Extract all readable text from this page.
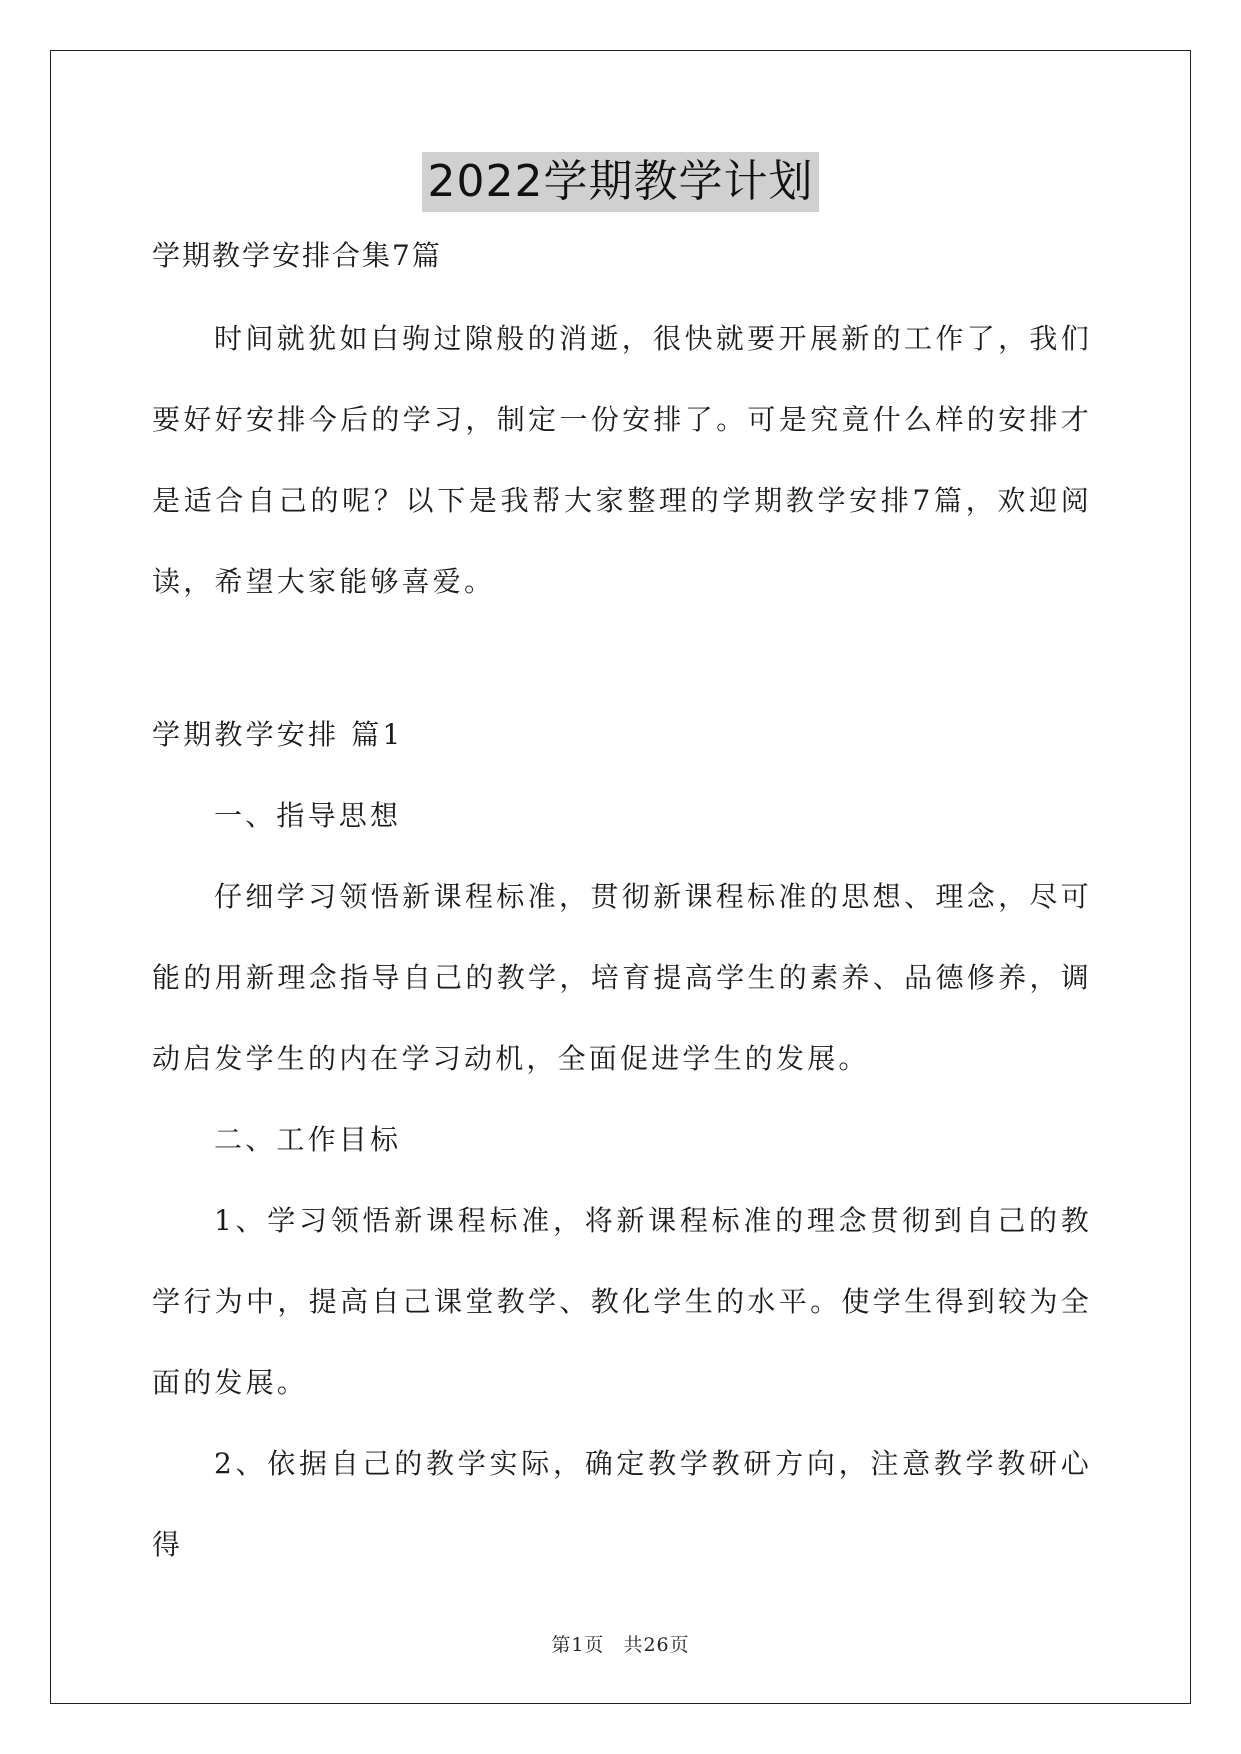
2022学期教学计划
学期教学安排合集7篇

时间就犹如白驹过隙般的消逝，很快就要开展新的工作了，我们要好好安排今后的学习，制定一份安排了。可是究竟什么样的安排才是适合自己的呢？以下是我帮大家整理的学期教学安排7篇，欢迎阅读，希望大家能够喜爱。

学期教学安排 篇1

一、指导思想

仔细学习领悟新课程标准，贯彻新课程标准的思想、理念，尽可能的用新理念指导自己的教学，培育提高学生的素养、品德修养，调动启发学生的内在学习动机，全面促进学生的发展。

二、工作目标

1、学习领悟新课程标准，将新课程标准的理念贯彻到自己的教学行为中，提高自己课堂教学、教化学生的水平。使学生得到较为全面的发展。

2、依据自己的教学实际，确定教学教研方向，注意教学教研心得

第1页 共26页
